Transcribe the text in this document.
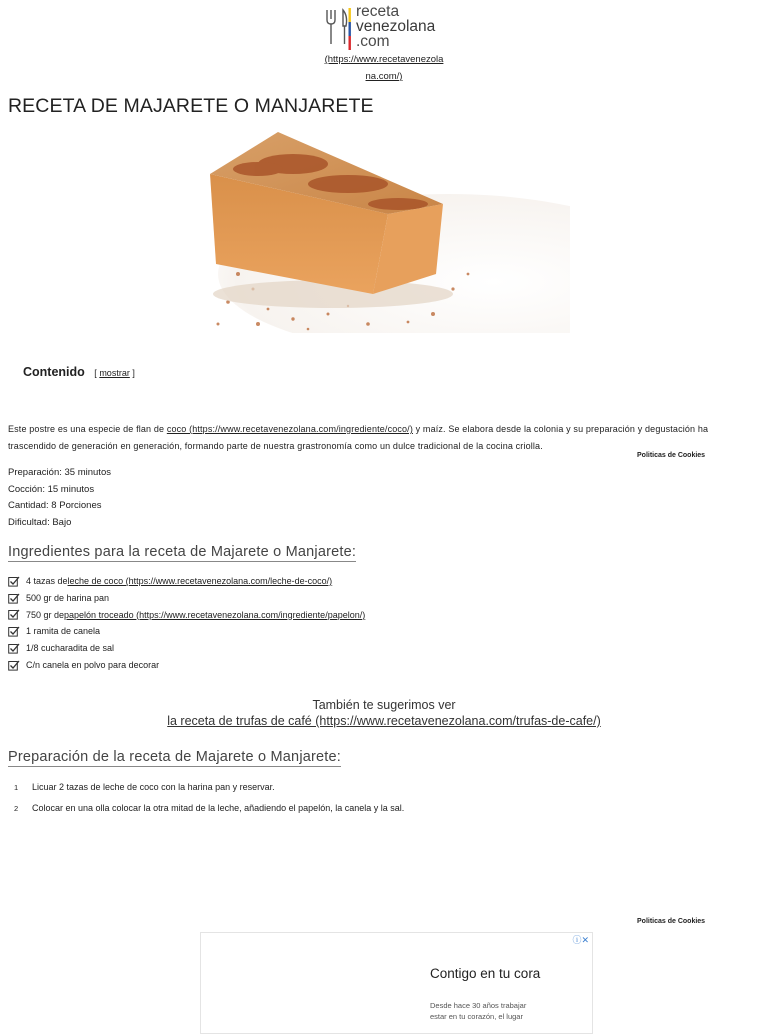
receta
venezolana
.com
(https://www.recetavenezola
na.com/)
RECETA DE MAJARETE O MANJARETE
Contenido [ mostrar ]
Este postre es una especie de flan de coco (https://www.recetavenezolana.com/ingrediente/coco/) y maíz. Se elabora desde la colonia y su preparación y degustación ha trascendido de generación en generación, formando parte de nuestra grastronomía como un dulce tradicional de la cocina criolla.
Politicas de Cookies
Preparación: 35 minutos
Cocción: 15 minutos
Cantidad: 8 Porciones
Dificultad: Bajo
Ingredientes para la receta de Majarete o Manjarete:
4 tazas de leche de coco (https://www.recetavenezolana.com/leche-de-coco/)
500 gr de harina pan
750 gr de papelón troceado (https://www.recetavenezolana.com/ingrediente/papelon/)
1 ramita de canela
1/8 cucharadita de sal
C/n canela en polvo para decorar
También te sugerimos ver
la receta de trufas de café (https://www.recetavenezolana.com/trufas-de-cafe/)
Preparación de la receta de Majarete o Manjarete:
1 Licuar 2 tazas de leche de coco con la harina pan y reservar.
2 Colocar en una olla colocar la otra mitad de la leche, añadiendo el papelón, la canela y la sal.
Politicas de Cookies
ⓘ✕
Contigo en tu cora
Desde hace 30 años trabajar
estar en tu corazón, el lugar
